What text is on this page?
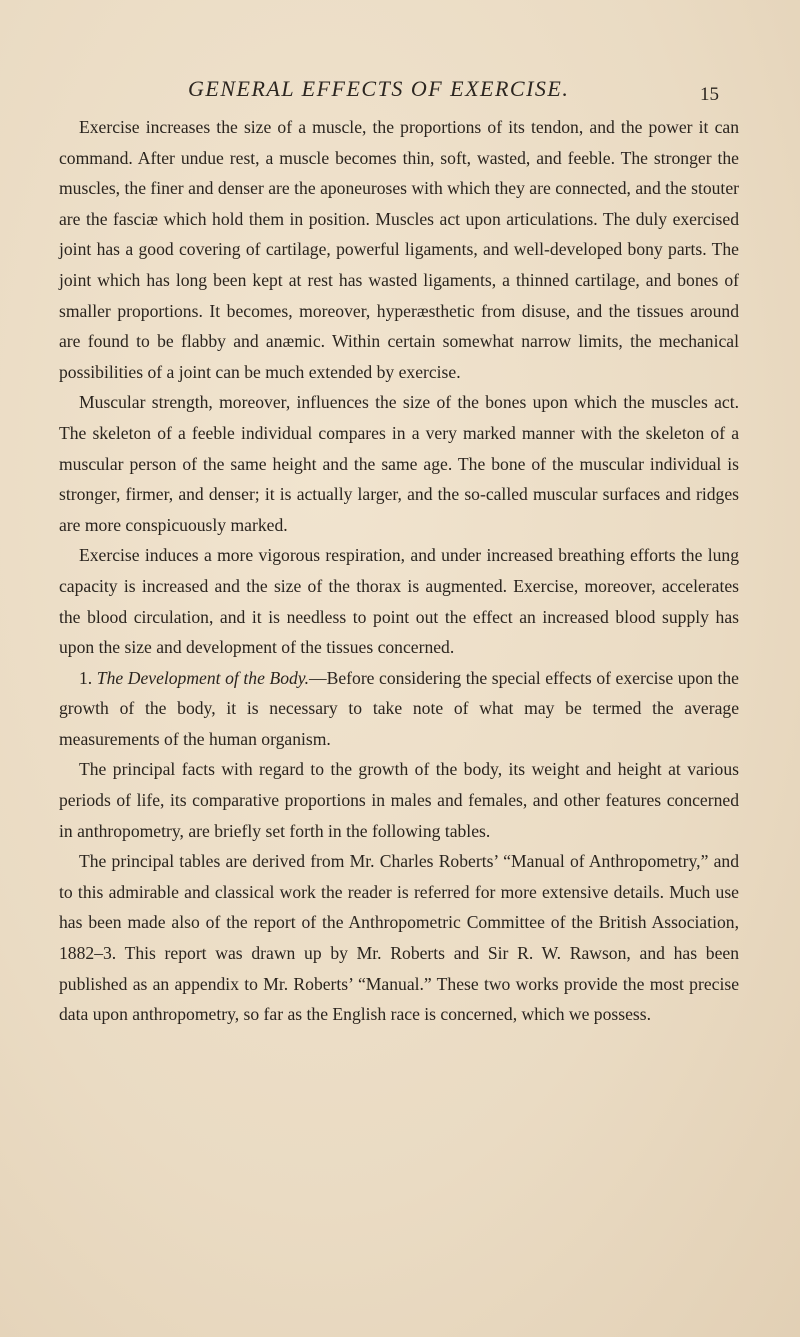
GENERAL EFFECTS OF EXERCISE.	15

Exercise increases the size of a muscle, the proportions of its tendon, and the power it can command. After undue rest, a muscle becomes thin, soft, wasted, and feeble. The stronger the muscles, the finer and denser are the aponeuroses with which they are connected, and the stouter are the fasciæ which hold them in position. Muscles act upon articulations. The duly exercised joint has a good covering of cartilage, powerful ligaments, and well-developed bony parts. The joint which has long been kept at rest has wasted ligaments, a thinned cartilage, and bones of smaller proportions. It becomes, moreover, hyperæsthetic from disuse, and the tissues around are found to be flabby and anæmic. Within certain somewhat narrow limits, the mechanical possibilities of a joint can be much extended by exercise.

Muscular strength, moreover, influences the size of the bones upon which the muscles act. The skeleton of a feeble individual compares in a very marked manner with the skeleton of a muscular person of the same height and the same age. The bone of the muscular individual is stronger, firmer, and denser; it is actually larger, and the so-called muscular surfaces and ridges are more conspicuously marked.

Exercise induces a more vigorous respiration, and under increased breathing efforts the lung capacity is increased and the size of the thorax is augmented. Exercise, moreover, accelerates the blood circulation, and it is needless to point out the effect an increased blood supply has upon the size and development of the tissues concerned.

1. The Development of the Body.—Before considering the special effects of exercise upon the growth of the body, it is necessary to take note of what may be termed the average measurements of the human organism.

The principal facts with regard to the growth of the body, its weight and height at various periods of life, its comparative proportions in males and females, and other features concerned in anthropometry, are briefly set forth in the following tables.

The principal tables are derived from Mr. Charles Roberts’ “Manual of Anthropometry,” and to this admirable and classical work the reader is referred for more extensive details. Much use has been made also of the report of the Anthropometric Committee of the British Association, 1882–3. This report was drawn up by Mr. Roberts and Sir R. W. Rawson, and has been published as an appendix to Mr. Roberts’ “Manual.” These two works provide the most precise data upon anthropometry, so far as the English race is concerned, which we possess.
